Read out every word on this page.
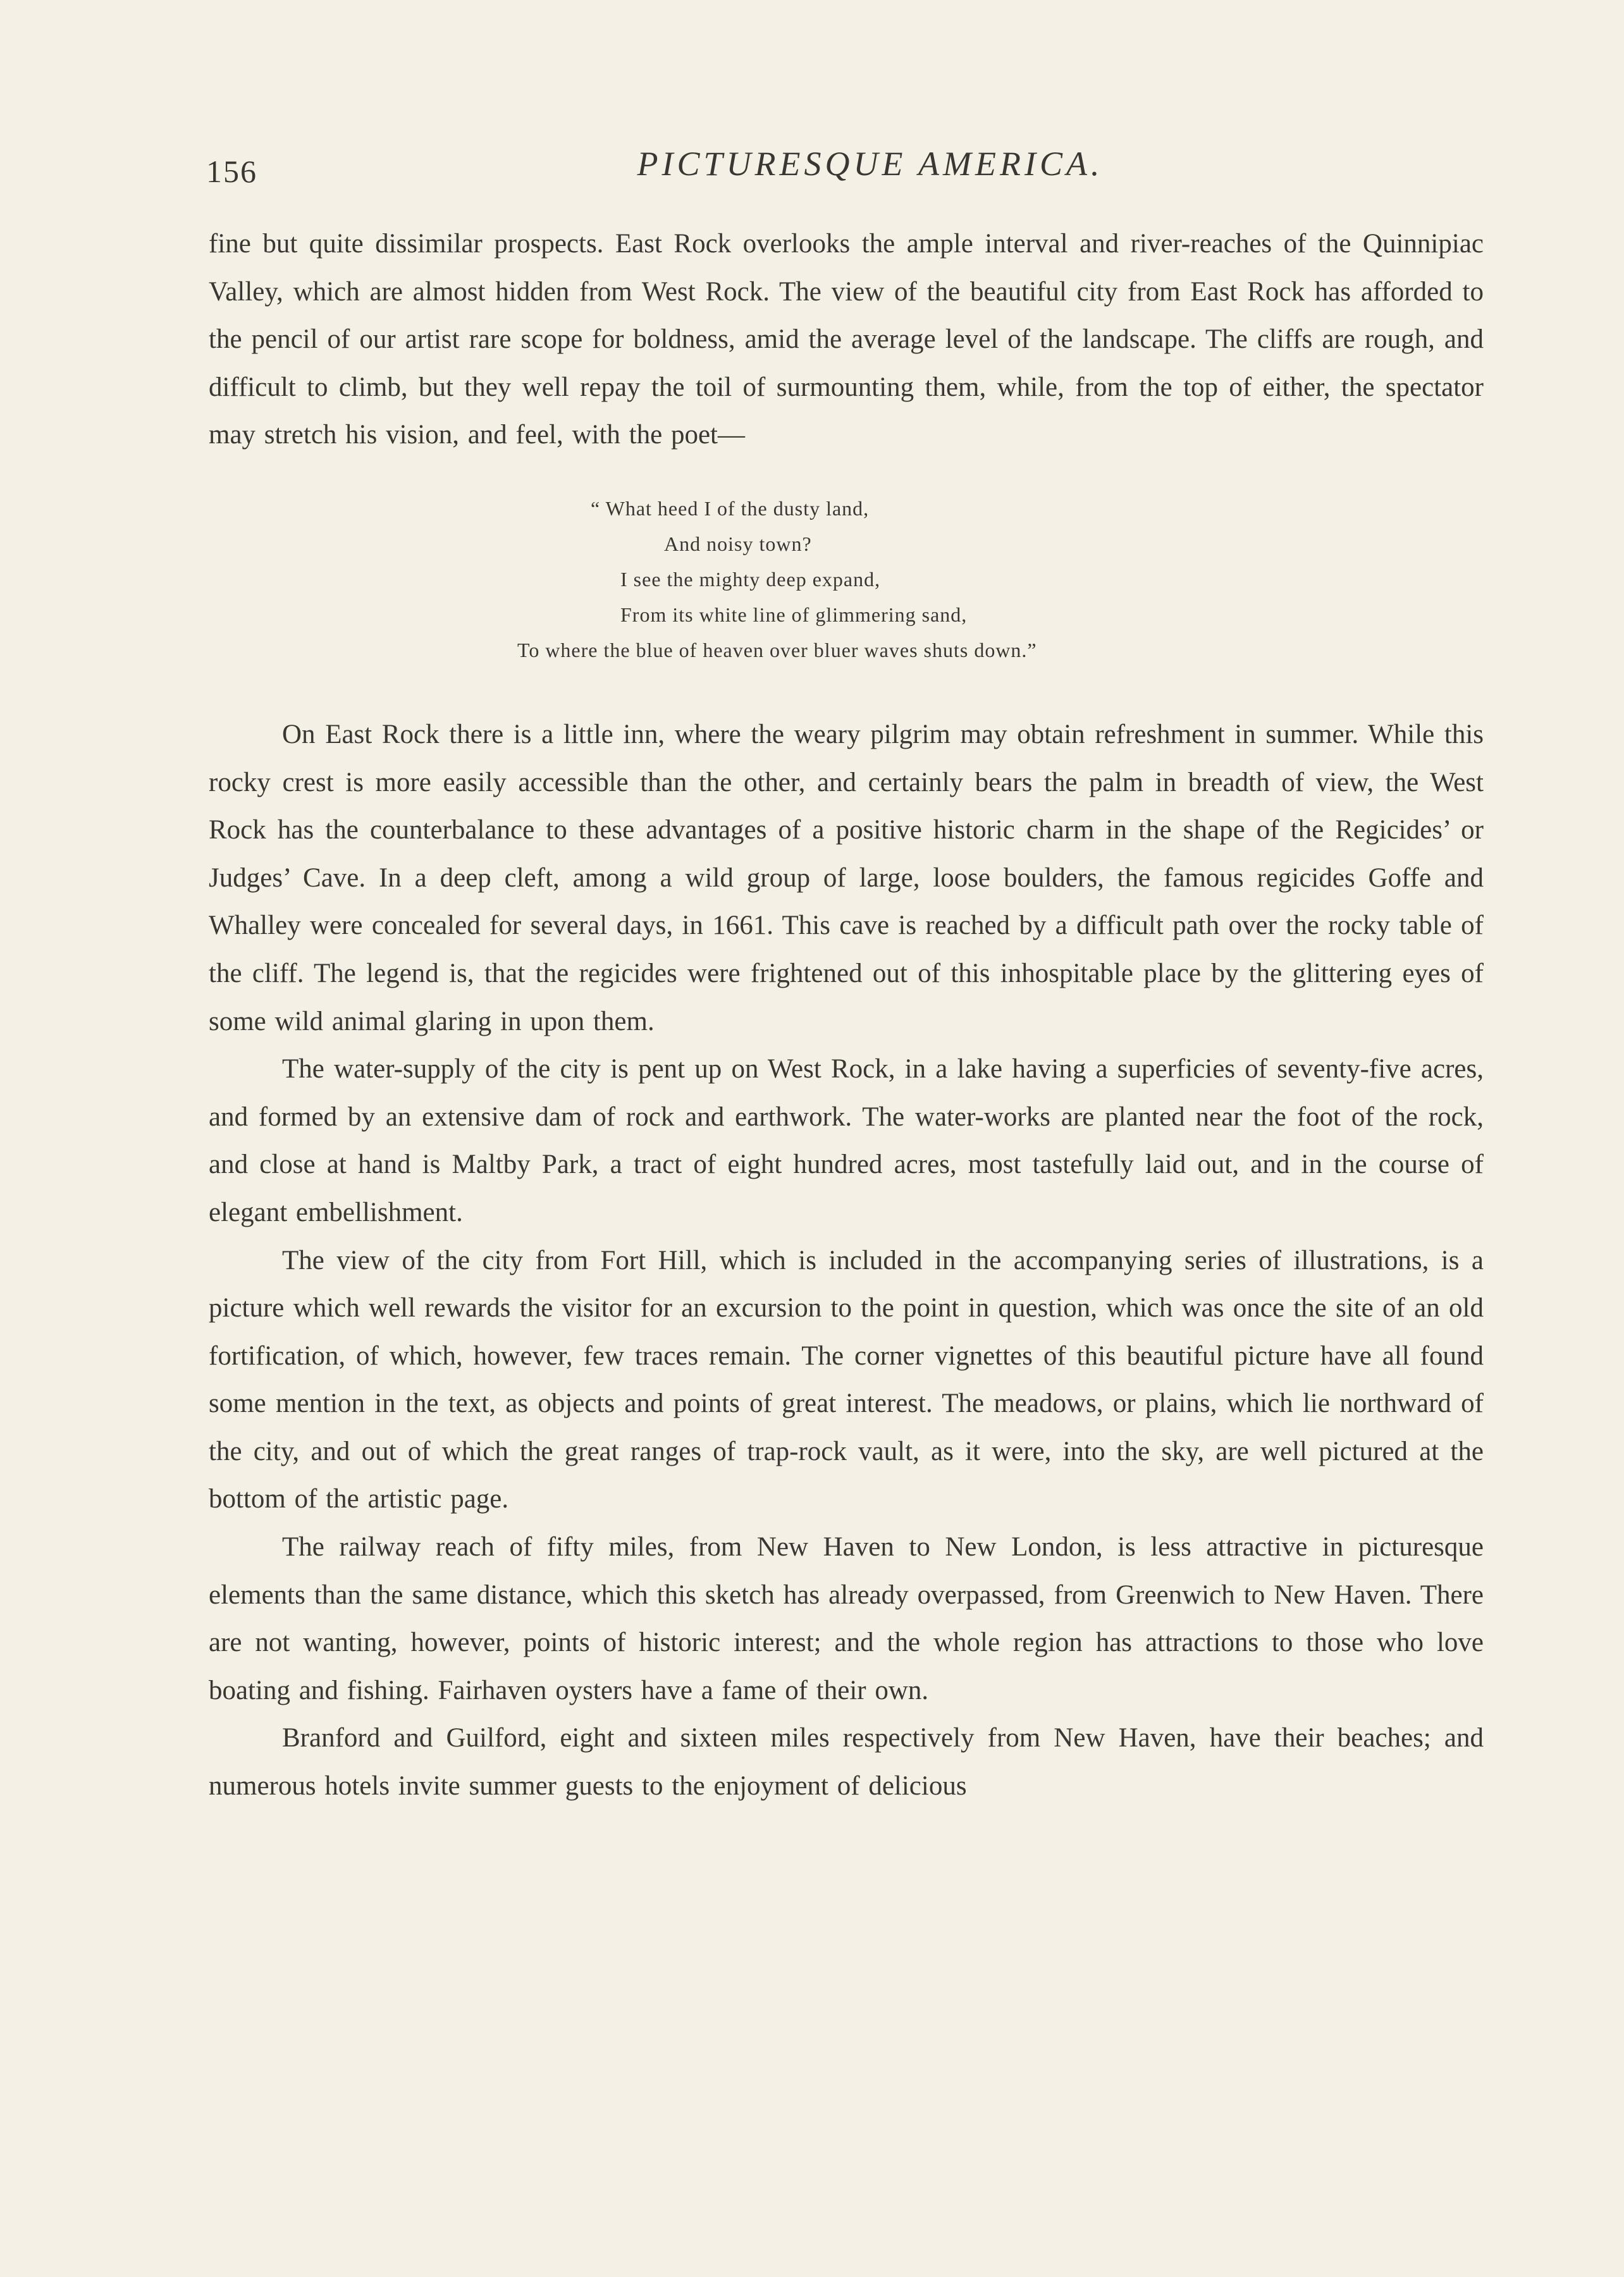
156	PICTURESQUE AMERICA.

fine but quite dissimilar prospects. East Rock overlooks the ample interval and river-reaches of the Quinnipiac Valley, which are almost hidden from West Rock. The view of the beautiful city from East Rock has afforded to the pencil of our artist rare scope for boldness, amid the average level of the landscape. The cliffs are rough, and difficult to climb, but they well repay the toil of surmounting them, while, from the top of either, the spectator may stretch his vision, and feel, with the poet—

“ What heed I of the dusty land,
And noisy town?
I see the mighty deep expand,
From its white line of glimmering sand,
To where the blue of heaven over bluer waves shuts down.”

On East Rock there is a little inn, where the weary pilgrim may obtain refreshment in summer. While this rocky crest is more easily accessible than the other, and certainly bears the palm in breadth of view, the West Rock has the counterbalance to these advantages of a positive historic charm in the shape of the Regicides’ or Judges’ Cave. In a deep cleft, among a wild group of large, loose boulders, the famous regicides Goffe and Whalley were concealed for several days, in 1661. This cave is reached by a difficult path over the rocky table of the cliff. The legend is, that the regicides were frightened out of this inhospitable place by the glittering eyes of some wild animal glaring in upon them.

The water-supply of the city is pent up on West Rock, in a lake having a superficies of seventy-five acres, and formed by an extensive dam of rock and earthwork. The water-works are planted near the foot of the rock, and close at hand is Maltby Park, a tract of eight hundred acres, most tastefully laid out, and in the course of elegant embellishment.

The view of the city from Fort Hill, which is included in the accompanying series of illustrations, is a picture which well rewards the visitor for an excursion to the point in question, which was once the site of an old fortification, of which, however, few traces remain. The corner vignettes of this beautiful picture have all found some mention in the text, as objects and points of great interest. The meadows, or plains, which lie northward of the city, and out of which the great ranges of trap-rock vault, as it were, into the sky, are well pictured at the bottom of the artistic page.

The railway reach of fifty miles, from New Haven to New London, is less attractive in picturesque elements than the same distance, which this sketch has already overpassed, from Greenwich to New Haven. There are not wanting, however, points of historic interest; and the whole region has attractions to those who love boating and fishing. Fairhaven oysters have a fame of their own.

Branford and Guilford, eight and sixteen miles respectively from New Haven, have their beaches; and numerous hotels invite summer guests to the enjoyment of delicious
